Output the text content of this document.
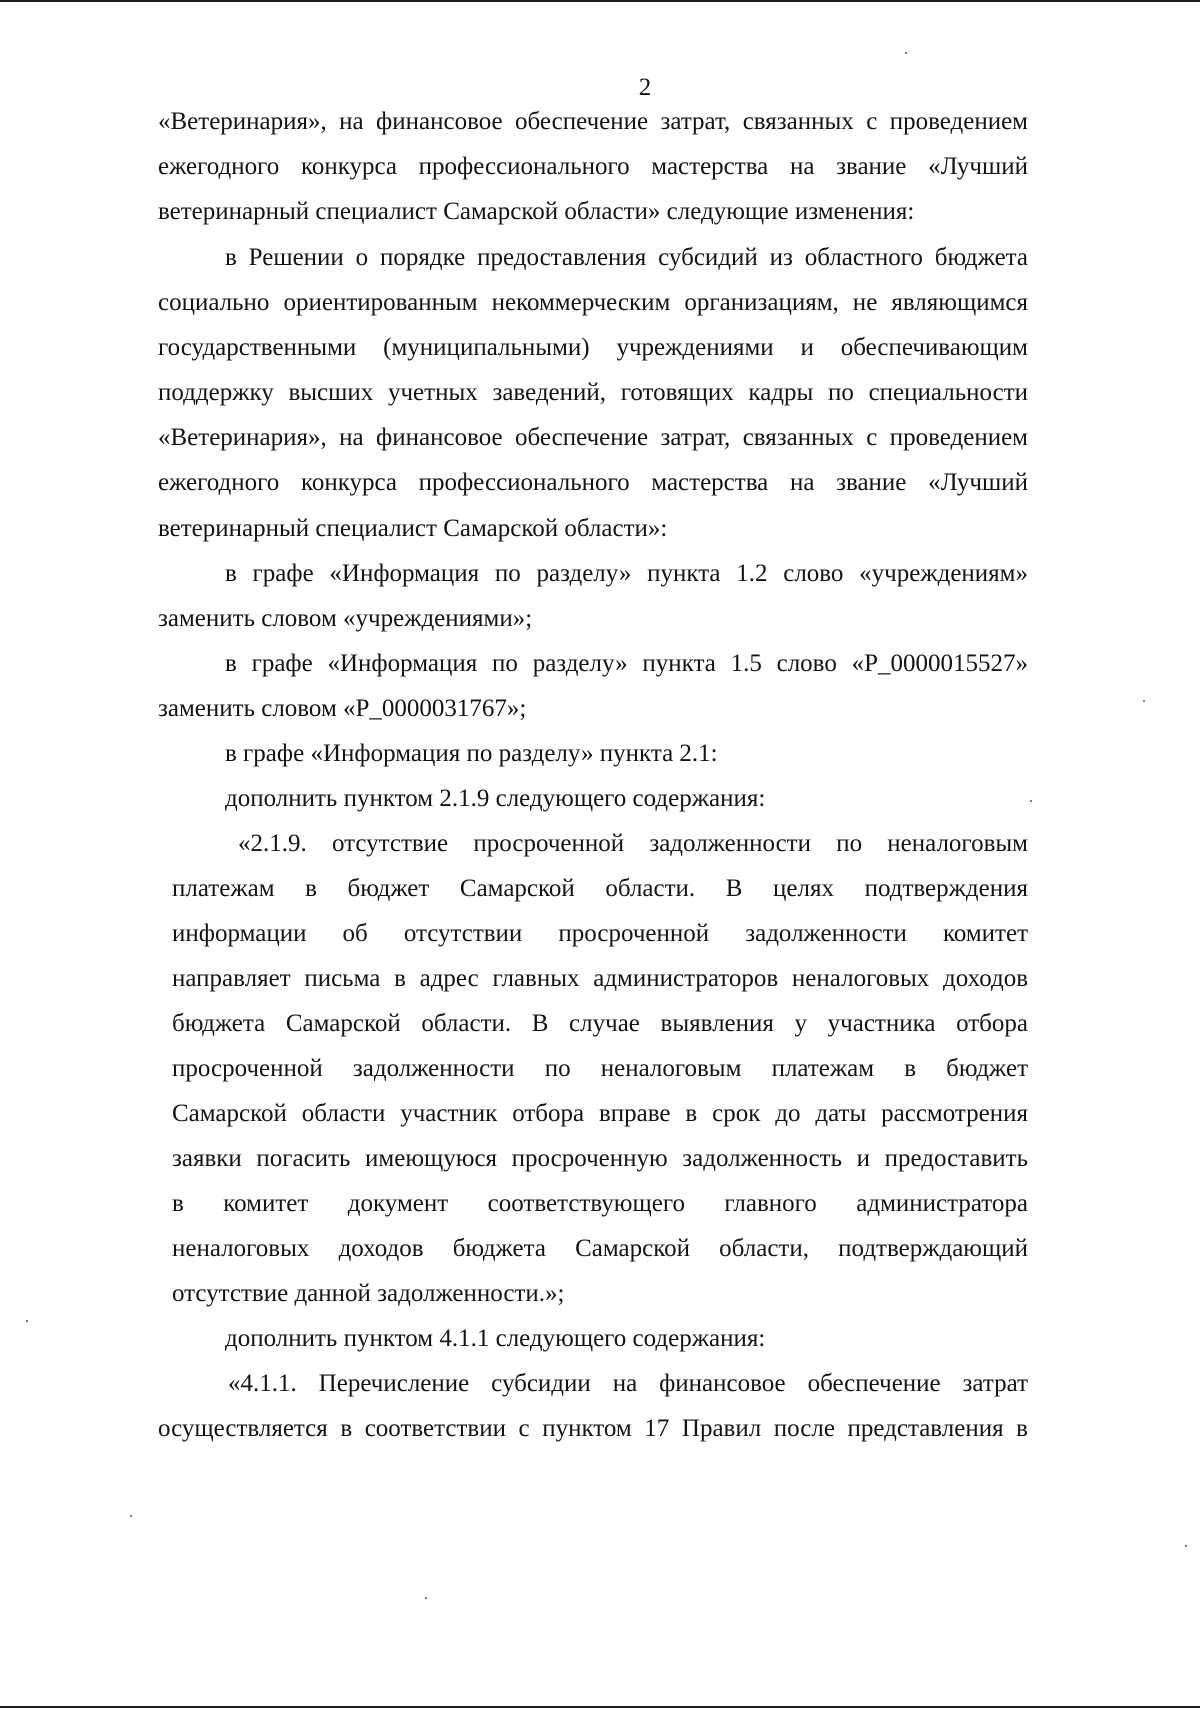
2
«Ветеринария», на финансовое обеспечение затрат, связанных с проведением
ежегодного конкурса профессионального мастерства на звание «Лучший
ветеринарный специалист Самарской области» следующие изменения:
в Решении о порядке предоставления субсидий из областного бюджета
социально ориентированным некоммерческим организациям, не являющимся
государственными (муниципальными) учреждениями и обеспечивающим
поддержку высших учетных заведений, готовящих кадры по специальности
«Ветеринария», на финансовое обеспечение затрат, связанных с проведением
ежегодного конкурса профессионального мастерства на звание «Лучший
ветеринарный специалист Самарской области»:
в графе «Информация по разделу» пункта 1.2 слово «учреждениям»
заменить словом «учреждениями»;
в графе «Информация по разделу» пункта 1.5 слово «P_0000015527»
заменить словом «P_0000031767»;
в графе «Информация по разделу» пункта 2.1:
дополнить пунктом 2.1.9 следующего содержания:
«2.1.9. отсутствие просроченной задолженности по неналоговым
платежам в бюджет Самарской области. В целях подтверждения
информации об отсутствии просроченной задолженности комитет
направляет письма в адрес главных администраторов неналоговых доходов
бюджета Самарской области. В случае выявления у участника отбора
просроченной задолженности по неналоговым платежам в бюджет
Самарской области участник отбора вправе в срок до даты рассмотрения
заявки погасить имеющуюся просроченную задолженность и предоставить
в комитет документ соответствующего главного администратора
неналоговых доходов бюджета Самарской области, подтверждающий
отсутствие данной задолженности.»;
дополнить пунктом 4.1.1 следующего содержания:
«4.1.1. Перечисление субсидии на финансовое обеспечение затрат
осуществляется в соответствии с пунктом 17 Правил после представления в
